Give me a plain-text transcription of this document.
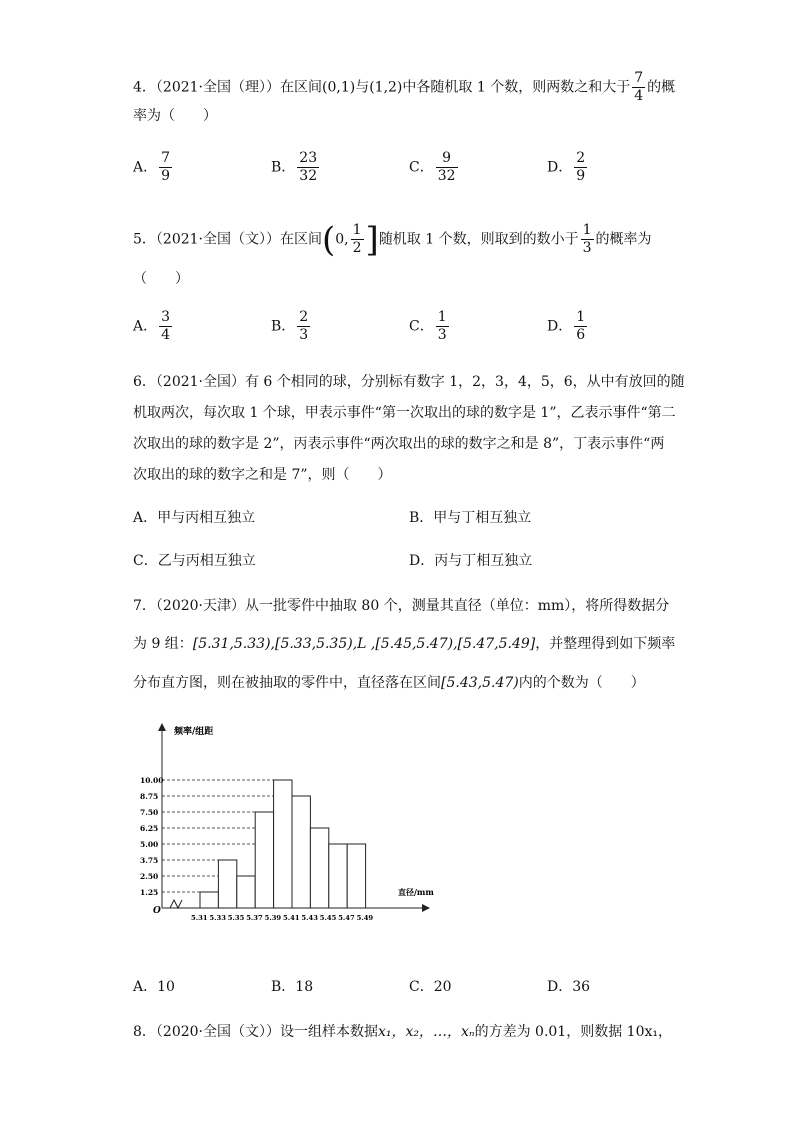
4．（2021·全国（理））在区间(0,1)与(1,2)中各随机取 1 个数，则两数之和大于 $\frac{7}{4}$ 的概
率为（　　）
A． $\frac{7}{9}$	B． $\frac{23}{32}$	C． $\frac{9}{32}$	D． $\frac{2}{9}$
5．（2021·全国（文））在区间(0, $\frac{1}{2}$ ]随机取 1 个数，则取到的数小于 $\frac{1}{3}$ 的概率为
（　　）
A． $\frac{3}{4}$	B． $\frac{2}{3}$	C． $\frac{1}{3}$	D． $\frac{1}{6}$
6．（2021·全国）有 6 个相同的球，分别标有数字 1，2，3，4，5，6，从中有放回的随
机取两次，每次取 1 个球，甲表示事件“第一次取出的球的数字是 1”，乙表示事件“第二
次取出的球的数字是 2”，丙表示事件“两次取出的球的数字之和是 8”，丁表示事件“两
次取出的球的数字之和是 7”，则（　　）
A．甲与丙相互独立	B．甲与丁相互独立
C．乙与丙相互独立	D．丙与丁相互独立
7．（2020·天津）从一批零件中抽取 80 个，测量其直径（单位：mm），将所得数据分
为 9 组：[5.31,5.33),[5.33,5.35),L ,[5.45,5.47),[5.47,5.49]，并整理得到如下频率
分布直方图，则在被抽取的零件中，直径落在区间[5.43,5.47)内的个数为（　　）
频率/组距
直径/mm
O
1.25
2.50
3.75
5.00
6.25
7.50
8.75
10.00
5.31 5.33 5.35 5.37 5.39 5.41 5.43 5.45 5.47 5.49
A．10	B．18	C．20	D．36
8．（2020·全国（文））设一组样本数据x₁，x₂，…，xₙ的方差为 0.01，则数据 10x₁，
